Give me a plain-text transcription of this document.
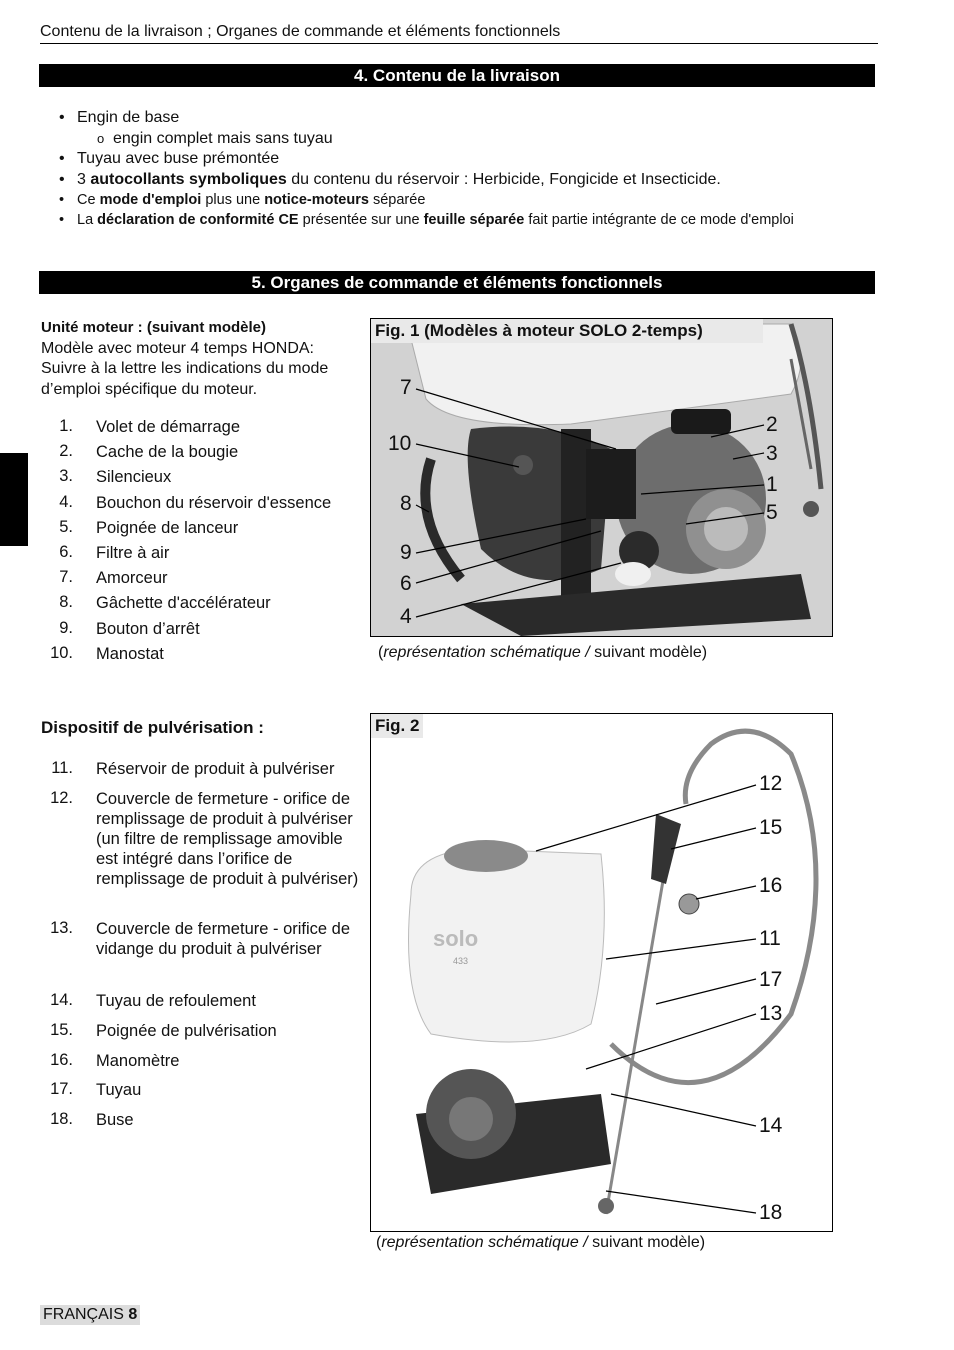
Contenu de la livraison ; Organes de commande et éléments fonctionnels
4. Contenu de la livraison
• Engin de base
o engin complet mais sans tuyau
• Tuyau avec buse prémontée
• 3 autocollants symboliques du contenu du réservoir : Herbicide, Fongicide et Insecticide.
• Ce mode d'emploi plus une notice-moteurs séparée
• La déclaration de conformité CE présentée sur une feuille séparée fait partie intégrante de ce mode d'emploi
5. Organes de commande et éléments fonctionnels
Unité moteur : (suivant modèle)
Modèle avec moteur 4 temps HONDA: Suivre à la lettre les indications du mode d’emploi spécifique du moteur.
1. Volet de démarrage
2. Cache de la bougie
3. Silencieux
4. Bouchon du réservoir d'essence
5. Poignée de lanceur
6. Filtre à air
7. Amorceur
8. Gâchette d'accélérateur
9. Bouton d’arrêt
10. Manostat
Dispositif de pulvérisation :
11. Réservoir de produit à pulvériser
12. Couvercle de fermeture - orifice de remplissage de produit à pulvériser (un filtre de remplissage amovible est intégré dans l’orifice de remplissage de produit à pulvériser)
13. Couvercle de fermeture - orifice de vidange du produit à pulvériser
14. Tuyau de refoulement
15. Poignée de pulvérisation
16. Manomètre
17. Tuyau
18. Buse
Fig. 1 (Modèles à moteur SOLO 2-temps)
7
10
8
9
6
4
2
3
1
5
(représentation schématique / suivant modèle)
solo
433
Fig. 2
12
15
16
11
17
13
14
18
(représentation schématique / suivant modèle)
FRANÇAIS 8
